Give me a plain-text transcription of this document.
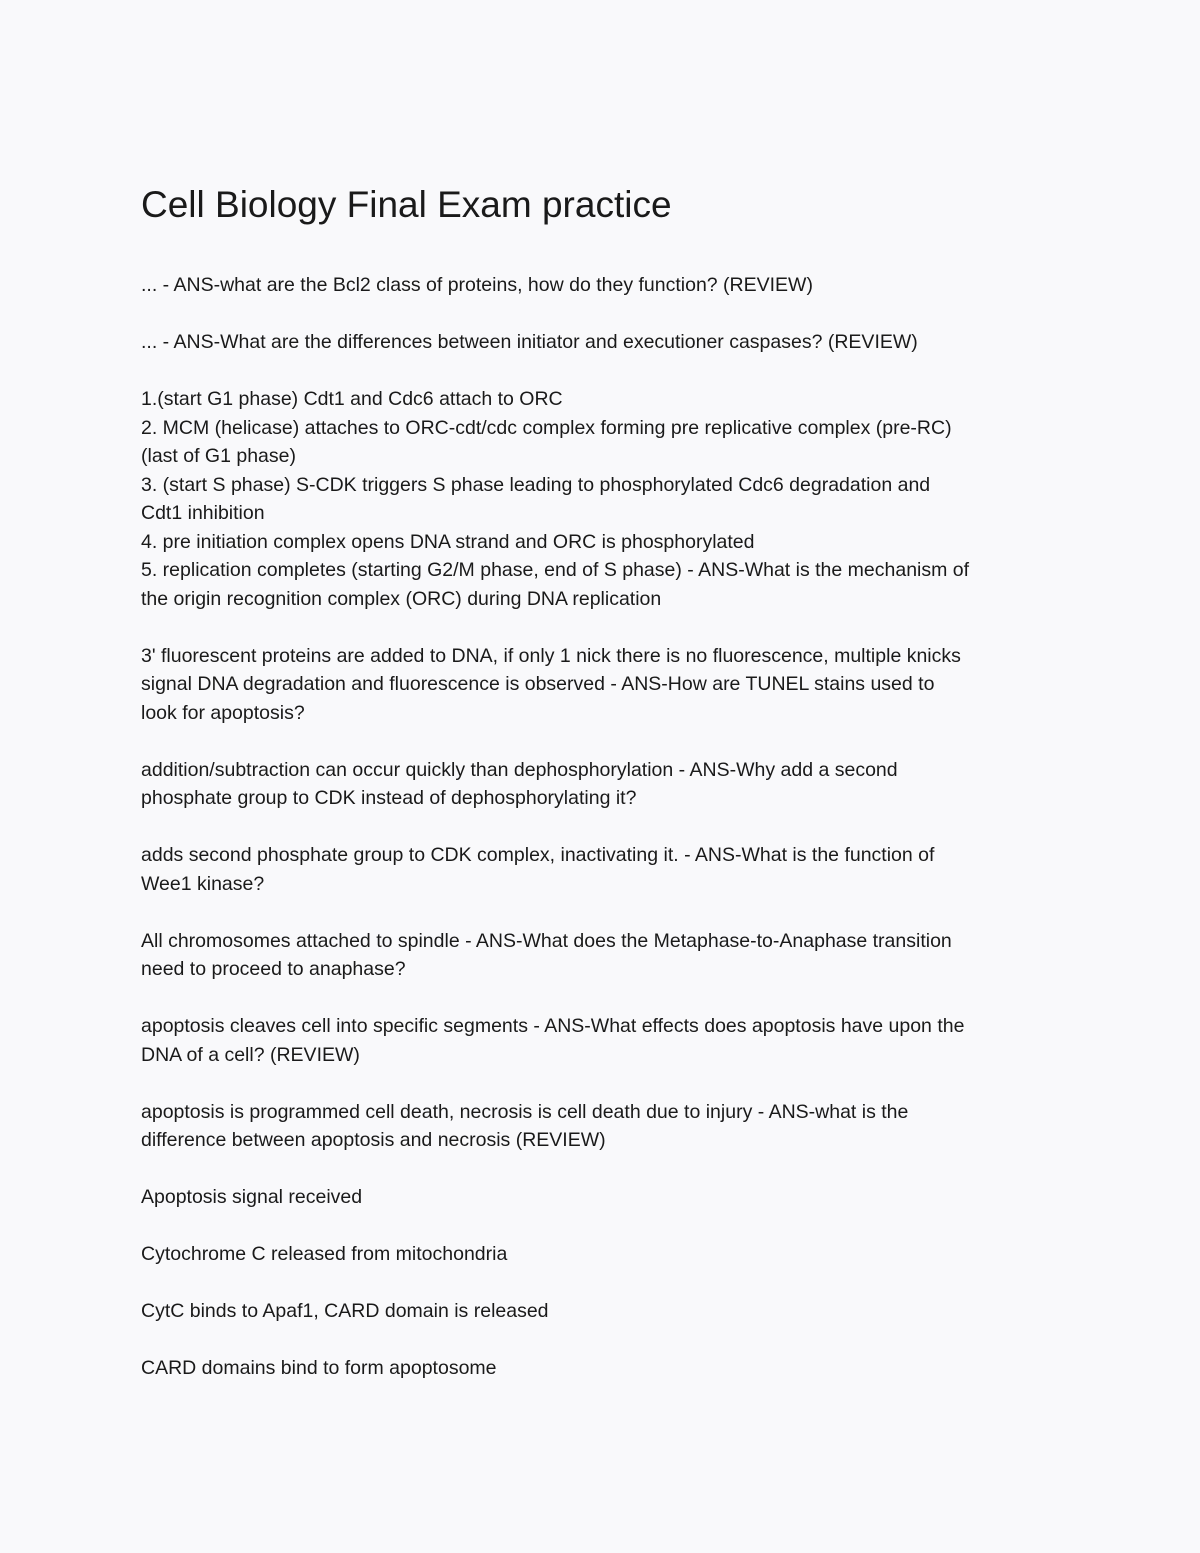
Cell Biology Final Exam practice
... - ANS-what are the Bcl2 class of proteins, how do they function? (REVIEW)
... - ANS-What are the differences between initiator and executioner caspases? (REVIEW)
1.(start G1 phase) Cdt1 and Cdc6 attach to ORC
2. MCM (helicase) attaches to ORC-cdt/cdc complex forming pre replicative complex (pre-RC)
(last of G1 phase)
3. (start S phase) S-CDK triggers S phase leading to phosphorylated Cdc6 degradation and
Cdt1 inhibition
4. pre initiation complex opens DNA strand and ORC is phosphorylated
5. replication completes (starting G2/M phase, end of S phase) - ANS-What is the mechanism of
the origin recognition complex (ORC) during DNA replication
3' fluorescent proteins are added to DNA, if only 1 nick there is no fluorescence, multiple knicks
signal DNA degradation and fluorescence is observed - ANS-How are TUNEL stains used to
look for apoptosis?
addition/subtraction can occur quickly than dephosphorylation - ANS-Why add a second
phosphate group to CDK instead of dephosphorylating it?
adds second phosphate group to CDK complex, inactivating it. - ANS-What is the function of
Wee1 kinase?
All chromosomes attached to spindle - ANS-What does the Metaphase-to-Anaphase transition
need to proceed to anaphase?
apoptosis cleaves cell into specific segments - ANS-What effects does apoptosis have upon the
DNA of a cell? (REVIEW)
apoptosis is programmed cell death, necrosis is cell death due to injury - ANS-what is the
difference between apoptosis and necrosis (REVIEW)
Apoptosis signal received
Cytochrome C released from mitochondria
CytC binds to Apaf1, CARD domain is released
CARD domains bind to form apoptosome
